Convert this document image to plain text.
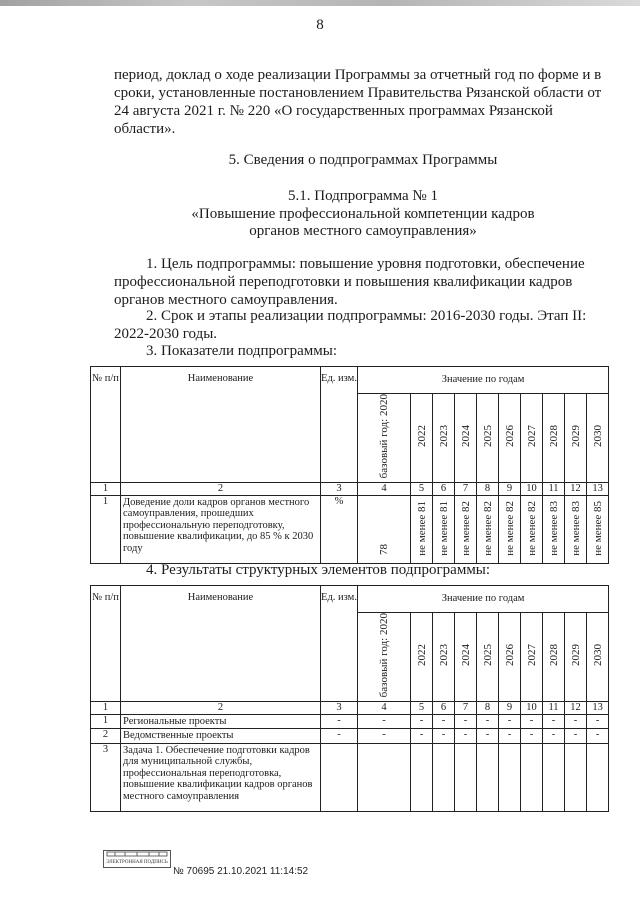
8
период, доклад о ходе реализации Программы за отчетный год по форме и в
сроки, установленные постановлением Правительства Рязанской области от
24 августа 2021 г. № 220 «О государственных программах Рязанской
области».
5. Сведения о подпрограммах Программы
5.1. Подпрограмма № 1
«Повышение профессиональной компетенции кадров
органов местного самоуправления»
1. Цель подпрограммы: повышение уровня подготовки, обеспечение
профессиональной переподготовки и повышения квалификации кадров
органов местного самоуправления.
2. Срок и этапы реализации подпрограммы: 2016-2030 годы. Этап II:
2022-2030 годы.
3. Показатели подпрограммы:
№ п/п	Наименование	Ед. изм.	Значение по годам									
			базовый год: 2020	2022	2023	2024	2025	2026	2027	2028	2029	2030
1	2	3	4	5	6	7	8	9	10	11	12	13
1	Доведение доли кадров органов местного самоуправления, прошедших профессиональную переподготовку, повышение квалификации, до 85 % к 2030 году	%	78	не менее 81	не менее 81	не менее 82	не менее 82	не менее 82	не менее 82	не менее 83	не менее 83	не менее 85
4. Результаты структурных элементов подпрограммы:
№ п/п	Наименование	Ед. изм.	Значение по годам									
			базовый год: 2020	2022	2023	2024	2025	2026	2027	2028	2029	2030
1	2	3	4	5	6	7	8	9	10	11	12	13
1	Региональные проекты	-	-	-	-	-	-	-	-	-	-	-
2	Ведомственные проекты	-	-	-	-	-	-	-	-	-	-	-
3	Задача 1. Обеспечение подготовки кадров для муниципальной службы, профессиональная переподготовка, повышение квалификации кадров органов местного самоуправления											
ЭЛЕКТРОННАЯ ПОДПИСЬ
№ 70695 21.10.2021 11:14:52
